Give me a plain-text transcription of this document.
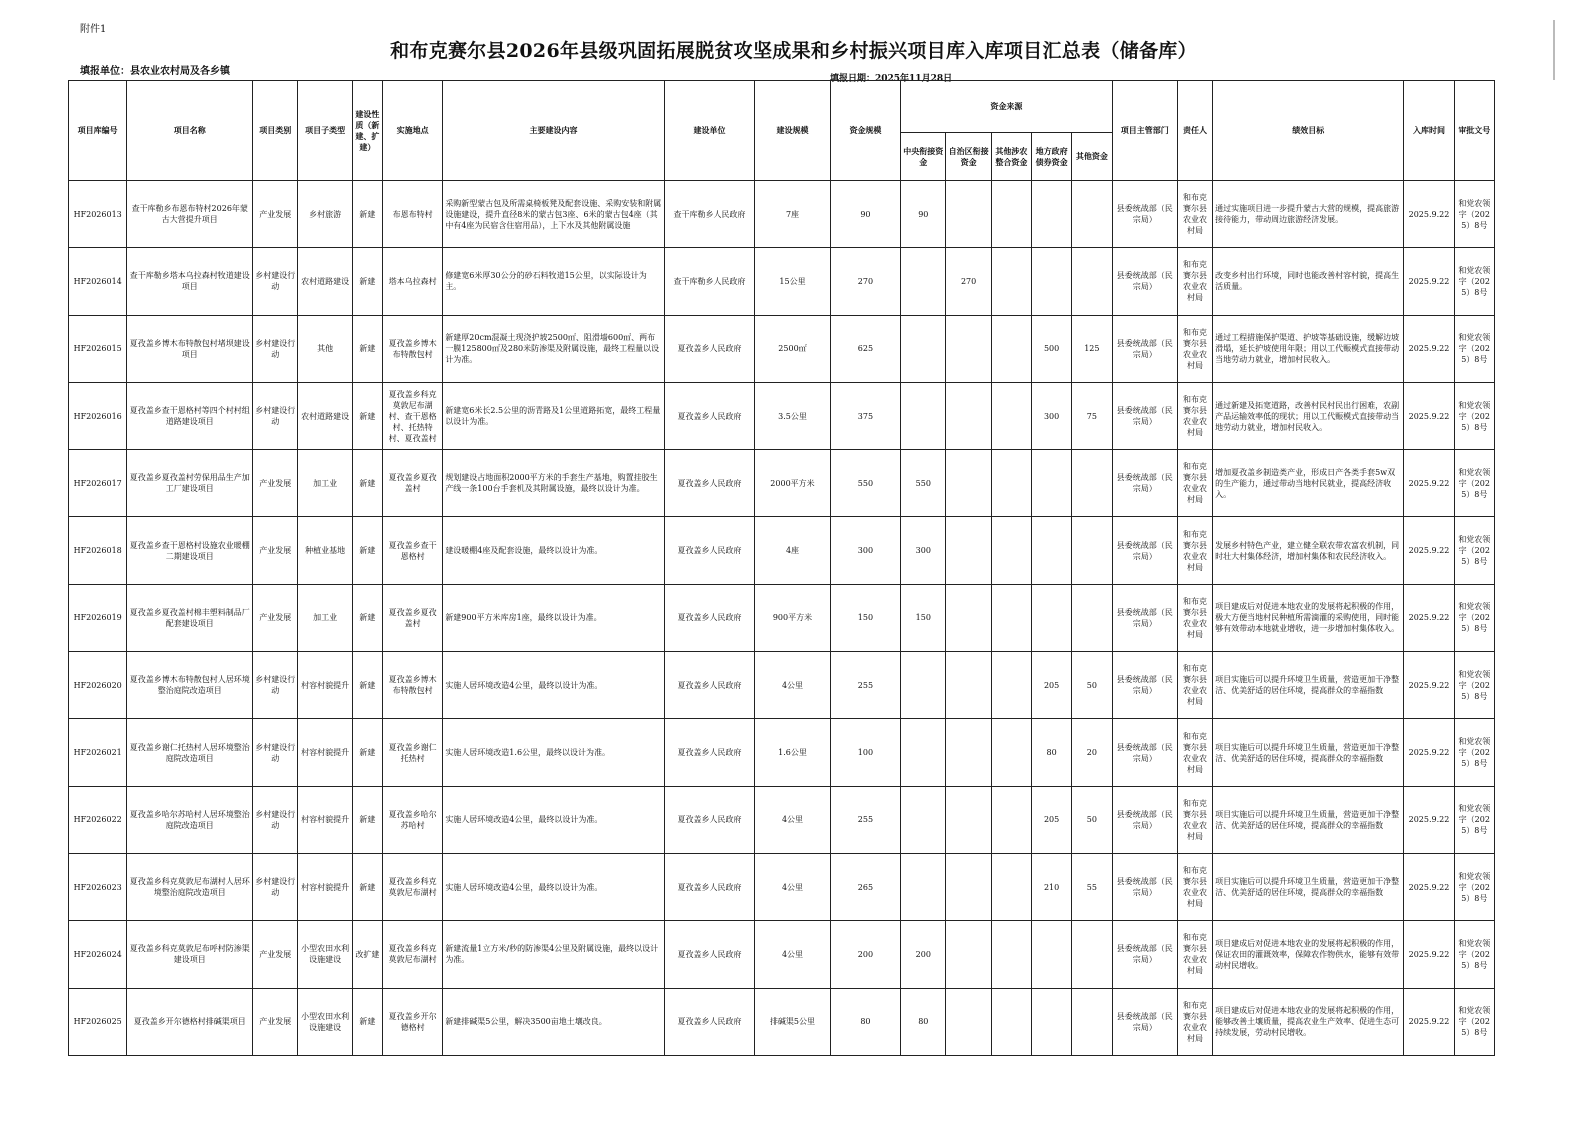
附件1
和布克赛尔县2026年县级巩固拓展脱贫攻坚成果和乡村振兴项目库入库项目汇总表（储备库）
填报单位：县农业农村局及各乡镇
填报日期：2025年11月28日
项目库编号	项目名称	项目类别	项目子类型	建设性质（新建、扩建）	实施地点	主要建设内容	建设单位	建设规模	资金规模	资金来源					项目主管部门	责任人	绩效目标	入库时间	审批文号
										中央衔接资金	自治区衔接资金	其他涉农整合资金	地方政府债券资金	其他资金					
HF2026013	查干库勒乡布恩布特村2026年蒙古大营提升项目	产业发展	乡村旅游	新建	布恩布特村	采购新型蒙古包及所需桌椅板凳及配套设施、采购安装和附属设施建设，提升直径8米的蒙古包3座、6米的蒙古包4座（其中有4座为民宿含住宿用品），上下水及其他附属设施	查干库勒乡人民政府	7座	90	90					县委统战部（民宗局）	和布克赛尔县农业农村局	通过实施项目进一步提升蒙古大营的规模，提高旅游接待能力，带动周边旅游经济发展。	2025.9.22	和党农领字（2025）8号
HF2026014	查干库勒乡塔本乌拉森村牧道建设项目	乡村建设行动	农村道路建设	新建	塔本乌拉森村	修建宽6米厚30公分的砂石料牧道15公里，以实际设计为主。	查干库勒乡人民政府	15公里	270		270				县委统战部（民宗局）	和布克赛尔县农业农村局	改变乡村出行环境，同时也能改善村容村貌，提高生活质量。	2025.9.22	和党农领字（2025）8号
HF2026015	夏孜盖乡博木布特散包村堵坝建设项目	乡村建设行动	其他	新建	夏孜盖乡博木布特散包村	新建厚20cm混凝土现浇护坡2500㎡、阻滑墙600㎡、两布一膜125800㎡及280米防渗渠及附属设施，最终工程量以设计为准。	夏孜盖乡人民政府	2500㎡	625				500	125	县委统战部（民宗局）	和布克赛尔县农业农村局	通过工程措施保护渠道、护坡等基础设施，缓解边坡滑塌，延长护坡使用年限；用以工代赈模式直接带动当地劳动力就业，增加村民收入。	2025.9.22	和党农领字（2025）8号
HF2026016	夏孜盖乡查干恩格村等四个村村组道路建设项目	乡村建设行动	农村道路建设	新建	夏孜盖乡科克莫敦尼布湖村、查干恩格村、托热特村、夏孜盖村	新建宽6米长2.5公里的沥青路及1公里道路拓宽，最终工程量以设计为准。	夏孜盖乡人民政府	3.5公里	375				300	75	县委统战部（民宗局）	和布克赛尔县农业农村局	通过新建及拓宽道路，改善村民村民出行困难，农副产品运输效率低的现状；用以工代赈模式直接带动当地劳动力就业，增加村民收入。	2025.9.22	和党农领字（2025）8号
HF2026017	夏孜盖乡夏孜盖村劳保用品生产加工厂建设项目	产业发展	加工业	新建	夏孜盖乡夏孜盖村	规划建设占地面积2000平方米的手套生产基地，购置挂胶生产线一条100台手套机及其附属设施，最终以设计为准。	夏孜盖乡人民政府	2000平方米	550	550					县委统战部（民宗局）	和布克赛尔县农业农村局	增加夏孜盖乡制造类产业，形成日产各类手套5w双的生产能力，通过带动当地村民就业，提高经济收入。	2025.9.22	和党农领字（2025）8号
HF2026018	夏孜盖乡查干恩格村设施农业暖棚二期建设项目	产业发展	种植业基地	新建	夏孜盖乡查干恩格村	建设暖棚4座及配套设施，最终以设计为准。	夏孜盖乡人民政府	4座	300	300					县委统战部（民宗局）	和布克赛尔县农业农村局	发展乡村特色产业，建立健全联农带农富农机制，同时壮大村集体经济，增加村集体和农民经济收入。	2025.9.22	和党农领字（2025）8号
HF2026019	夏孜盖乡夏孜盖村棉丰塑料制品厂配套建设项目	产业发展	加工业	新建	夏孜盖乡夏孜盖村	新建900平方米库房1座，最终以设计为准。	夏孜盖乡人民政府	900平方米	150	150					县委统战部（民宗局）	和布克赛尔县农业农村局	项目建成后对促进本地农业的发展将起积极的作用，极大方便当地村民种植所需滴灌的采购使用，同时能够有效带动本地就业增收，进一步增加村集体收入。	2025.9.22	和党农领字（2025）8号
HF2026020	夏孜盖乡博木布特散包村人居环境整治庭院改造项目	乡村建设行动	村容村貌提升	新建	夏孜盖乡博木布特散包村	实施人居环境改造4公里，最终以设计为准。	夏孜盖乡人民政府	4公里	255				205	50	县委统战部（民宗局）	和布克赛尔县农业农村局	项目实施后可以提升环境卫生质量，营造更加干净整洁、优美舒适的居住环境，提高群众的幸福指数	2025.9.22	和党农领字（2025）8号
HF2026021	夏孜盖乡谢仁托热村人居环境整治庭院改造项目	乡村建设行动	村容村貌提升	新建	夏孜盖乡谢仁托热村	实施人居环境改造1.6公里，最终以设计为准。	夏孜盖乡人民政府	1.6公里	100				80	20	县委统战部（民宗局）	和布克赛尔县农业农村局	项目实施后可以提升环境卫生质量，营造更加干净整洁、优美舒适的居住环境，提高群众的幸福指数	2025.9.22	和党农领字（2025）8号
HF2026022	夏孜盖乡哈尔苏哈村人居环境整治庭院改造项目	乡村建设行动	村容村貌提升	新建	夏孜盖乡哈尔苏哈村	实施人居环境改造4公里，最终以设计为准。	夏孜盖乡人民政府	4公里	255				205	50	县委统战部（民宗局）	和布克赛尔县农业农村局	项目实施后可以提升环境卫生质量，营造更加干净整洁、优美舒适的居住环境，提高群众的幸福指数	2025.9.22	和党农领字（2025）8号
HF2026023	夏孜盖乡科克莫敦尼布湖村人居环境整治庭院改造项目	乡村建设行动	村容村貌提升	新建	夏孜盖乡科克莫敦尼布湖村	实施人居环境改造4公里，最终以设计为准。	夏孜盖乡人民政府	4公里	265				210	55	县委统战部（民宗局）	和布克赛尔县农业农村局	项目实施后可以提升环境卫生质量，营造更加干净整洁、优美舒适的居住环境，提高群众的幸福指数	2025.9.22	和党农领字（2025）8号
HF2026024	夏孜盖乡科克莫敦尼布呼村防渗渠建设项目	产业发展	小型农田水利设施建设	改扩建	夏孜盖乡科克莫敦尼布湖村	新建流量1立方米/秒的防渗渠4公里及附属设施，最终以设计为准。	夏孜盖乡人民政府	4公里	200	200					县委统战部（民宗局）	和布克赛尔县农业农村局	项目建成后对促进本地农业的发展将起积极的作用，保证农田的灌溉效率，保障农作物供水，能够有效带动村民增收。	2025.9.22	和党农领字（2025）8号
HF2026025	夏孜盖乡开尔德格村排碱渠项目	产业发展	小型农田水利设施建设	新建	夏孜盖乡开尔德格村	新建排碱渠5公里，解决3500亩地土壤改良。	夏孜盖乡人民政府	排碱渠5公里	80	80					县委统战部（民宗局）	和布克赛尔县农业农村局	项目建成后对促进本地农业的发展将起积极的作用，能够改善土壤质量，提高农业生产效率、促进生态可持续发展，劳动村民增收。	2025.9.22	和党农领字（2025）8号
